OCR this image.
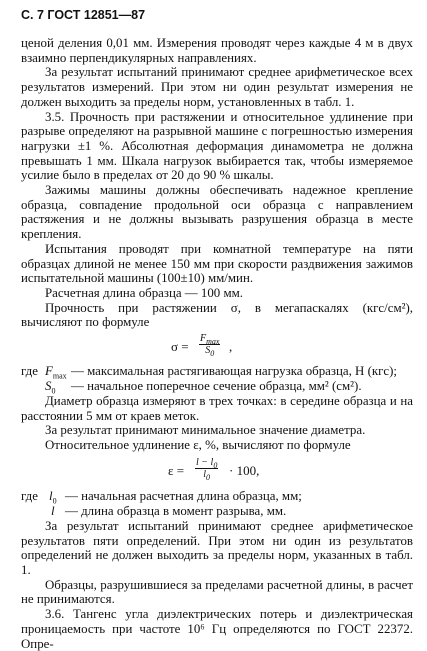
С. 7 ГОСТ 12851—87

ценой деления 0,01 мм. Измерения проводят через каждые 4 м в двух взаимно перпендикулярных направлениях.

За результат испытаний принимают среднее арифметическое всех результатов измерений. При этом ни один результат измерения не должен выходить за пределы норм, установленных в табл. 1.

3.5. Прочность при растяжении и относительное удлинение при разрыве определяют на разрывной машине с погрешностью измерения нагрузки ±1 %. Абсолютная деформация динамометра не должна превышать 1 мм. Шкала нагрузок выбирается так, чтобы измеряемое усилие было в пределах от 20 до 90 % шкалы.

Зажимы машины должны обеспечивать надежное крепление образца, совпадение продольной оси образца с направлением растяжения и не должны вызывать разрушения образца в месте крепления.

Испытания проводят при комнатной температуре на пяти образцах длиной не менее 150 мм при скорости раздвижения зажимов испытательной машины (100±10) мм/мин.

Расчетная длина образца — 100 мм.

Прочность при растяжении σ, в мегапаскалях (кгс/см²), вычисляют по формуле

σ =
$F_{max}$
$S_0$	,
где $F_{max}$ — максимальная растягивающая нагрузка образца, Н (кгс);
$S_0$ — начальное поперечное сечение образца, мм² (см²).

Диаметр образца измеряют в трех точках: в середине образца и на расстоянии 5 мм от краев меток.

За результат принимают минимальное значение диаметра.

Относительное удлинение ε, %, вычисляют по формуле

$\varepsilon = \frac{l - l_0}{l_0} \cdot 100$,
где $l_0$ — начальная расчетная длина образца, мм;
l — длина образца в момент разрыва, мм.

За результат испытаний принимают среднее арифметическое результатов пяти определений. При этом ни один из результатов определений не должен выходить за пределы норм, указанных в табл. 1.

Образцы, разрушившиеся за пределами расчетной длины, в расчет не принимаются.

3.6. Тангенс угла диэлектрических потерь и диэлектрическая проницаемость при частоте 10⁶ Гц определяются по ГОСТ 22372. Опре-
